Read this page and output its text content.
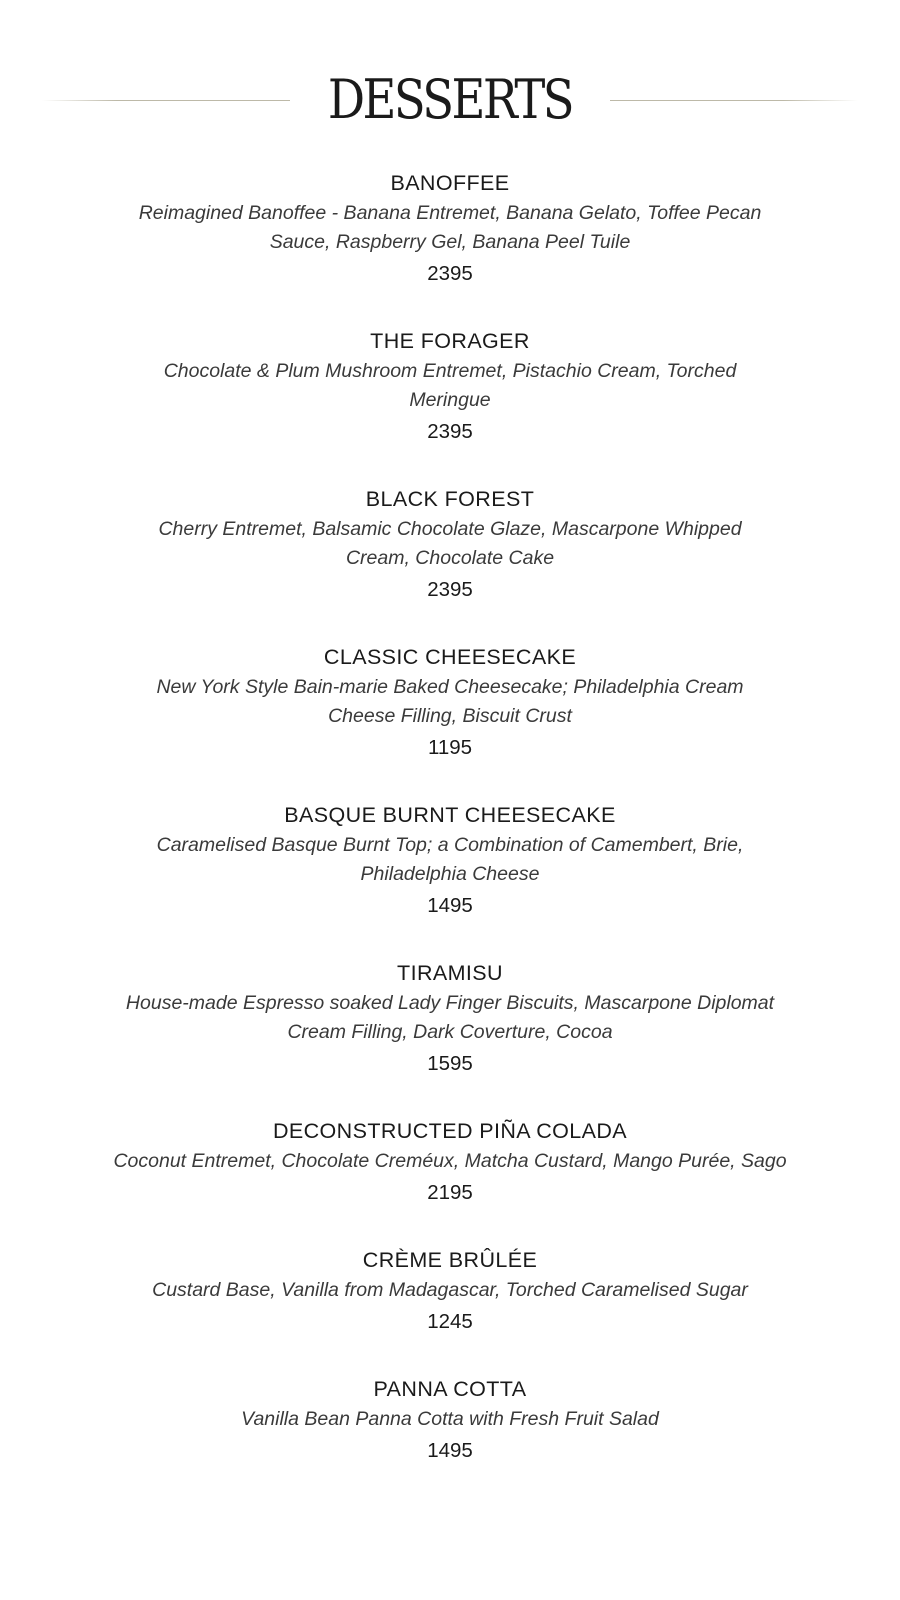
DESSERTS

BANOFFEE

Reimagined Banoffee - Banana Entremet, Banana Gelato, Toffee Pecan
Sauce, Raspberry Gel, Banana Peel Tuile

2395

THE FORAGER

Chocolate & Plum Mushroom Entremet, Pistachio Cream, Torched
Meringue

2395

BLACK FOREST

Cherry Entremet, Balsamic Chocolate Glaze, Mascarpone Whipped
Cream, Chocolate Cake

2395

CLASSIC CHEESECAKE

New York Style Bain-marie Baked Cheesecake; Philadelphia Cream
Cheese Filling, Biscuit Crust

1195

BASQUE BURNT CHEESECAKE

Caramelised Basque Burnt Top; a Combination of Camembert, Brie,
Philadelphia Cheese

1495

TIRAMISU

House-made Espresso soaked Lady Finger Biscuits, Mascarpone Diplomat
Cream Filling, Dark Coverture, Cocoa

1595

DECONSTRUCTED PIÑA COLADA

Coconut Entremet, Chocolate Creméux, Matcha Custard, Mango Purée, Sago

2195

CRÈME BRÛLÉE

Custard Base, Vanilla from Madagascar, Torched Caramelised Sugar

1245

PANNA COTTA

Vanilla Bean Panna Cotta with Fresh Fruit Salad

1495
